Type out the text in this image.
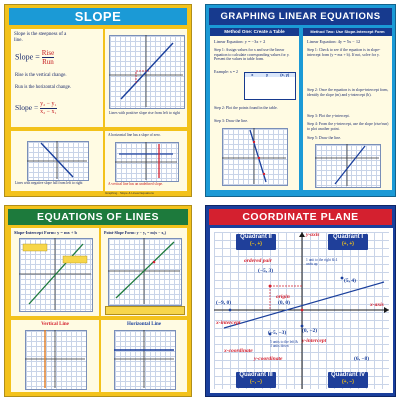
SLOPE
Slope is the steepness of a
line.
Slope = Rise
Run
Rise is the vertical change.
Run is the horizontal change.
Slope = $\frac{\text{y₂ − y₁}}{\text{x₂ − x₁}}$	Lines with positive slope rise from left to right
Lines with negative slope fall from left to right
A horizontal line has a slope of zero.
A vertical line has an undefined slope.
Graphing · Slope & Linear Equations
GRAPHING LINEAR EQUATIONS
Method One: Create a Table
Linear Equation: y = −3x + 2
Step 1: Assign values for x and use the linear equation to calculate corresponding values for y. Present the values in table form.
Example: x = 2
x	y	(x, y)
Step 2: Plot the points found in the table.
Step 3: Draw the line.
Method Two: Use Slope-Intercept Form
Linear Equation: 4y = 5x − 12
Step 1: Check to see if the equation is in slope-intercept form (y = mx + b). If not, solve for y.
Step 2: Once the equation is in slope-intercept form, identify the slope (m) and y-intercept (b).
Step 3: Plot the y-intercept.
Step 4: From the y-intercept, use the slope (rise/run) to plot another point.
Step 5: Draw the line.
EQUATIONS OF LINES
Slope-Intercept Form: y = mx + b	Point-Slope Form: y − y₁ = m(x − x₁)
Vertical Line	Horizontal Line
COORDINATE PLANE
Quadrant II
(−, +)
Quadrant I
(+, +)
Quadrant III
(−, −)
Quadrant IV
(+, −)
y-axis
x-axis
ordered pair
(−5, 3)
origin
(0, 0)
(−9, 0)
x-intercept
(−5, −3)
x-coordinate
y-coordinate
(0, −2)
y-intercept
(6, −8)
(5, 4)
1 unit to the right & 4 units up
5 units to the left & 3 units down
